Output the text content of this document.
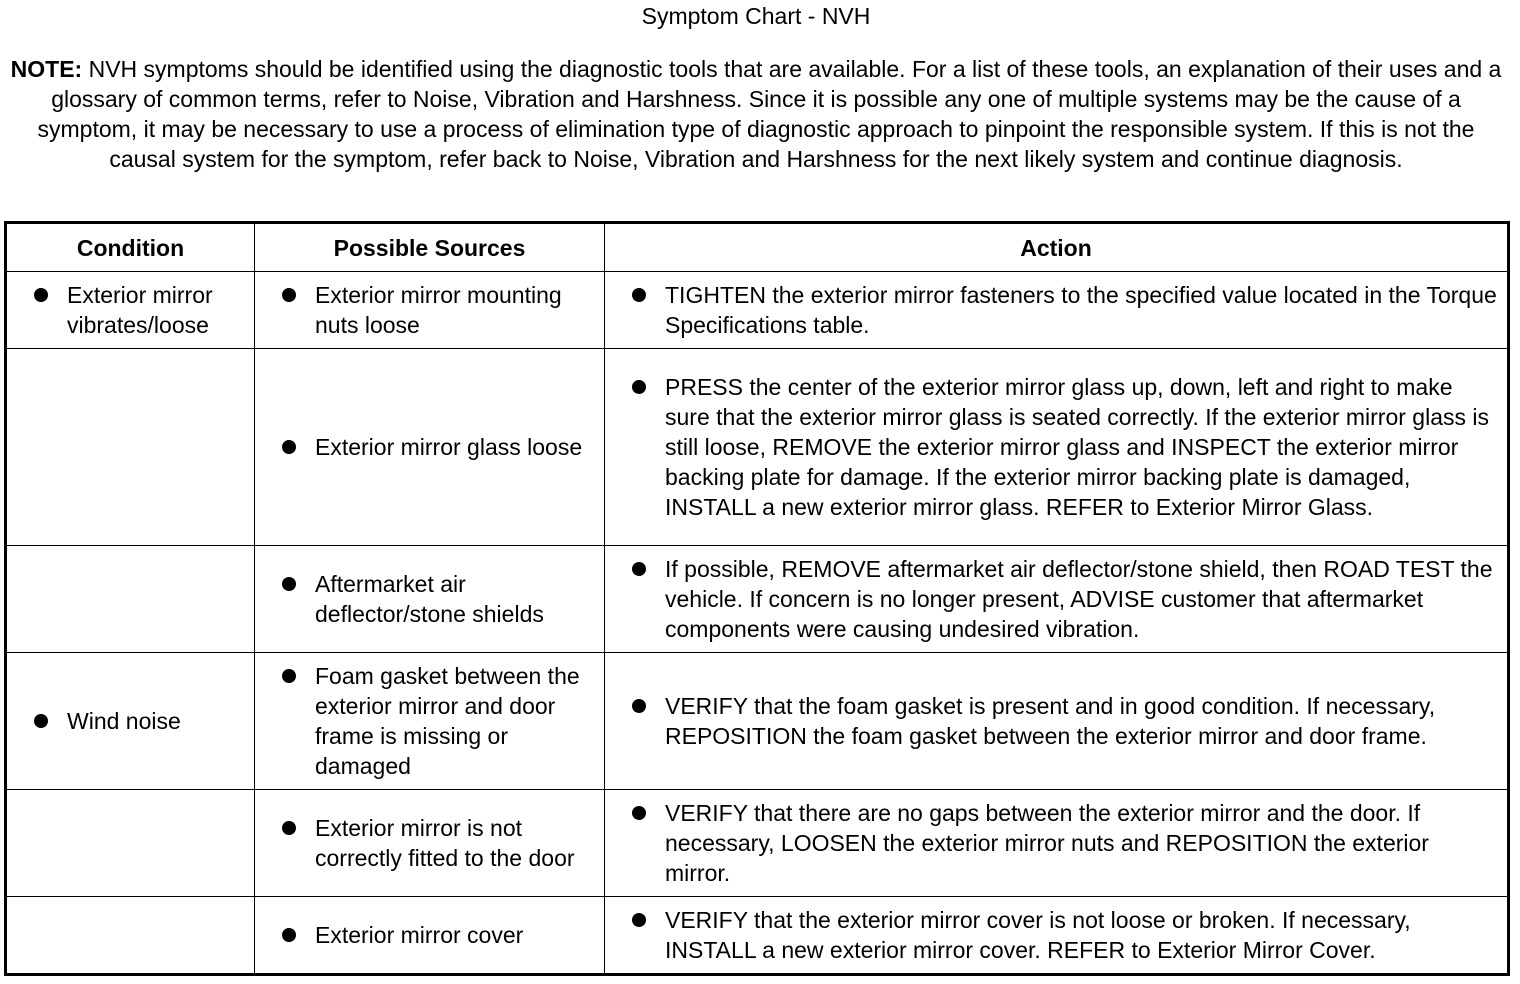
Symptom Chart - NVH
NOTE: NVH symptoms should be identified using the diagnostic tools that are available. For a list of these tools, an explanation of their uses and a glossary of common terms, refer to Noise, Vibration and Harshness. Since it is possible any one of multiple systems may be the cause of a symptom, it may be necessary to use a process of elimination type of diagnostic approach to pinpoint the responsible system. If this is not the causal system for the symptom, refer back to Noise, Vibration and Harshness for the next likely system and continue diagnosis.
Condition	Possible Sources	Action

Exterior mirror vibrates/loose	Exterior mirror mounting nuts loose	TIGHTEN the exterior mirror fasteners to the specified value located in the Torque Specifications table.

	Exterior mirror glass loose	PRESS the center of the exterior mirror glass up, down, left and right to make sure that the exterior mirror glass is seated correctly. If the exterior mirror glass is still loose, REMOVE the exterior mirror glass and INSPECT the exterior mirror backing plate for damage. If the exterior mirror backing plate is damaged, INSTALL a new exterior mirror glass. REFER to Exterior Mirror Glass.

	Aftermarket air deflector/stone shields	If possible, REMOVE aftermarket air deflector/stone shield, then ROAD TEST the vehicle. If concern is no longer present, ADVISE customer that aftermarket components were causing undesired vibration.

Wind noise	Foam gasket between the exterior mirror and door frame is missing or damaged	VERIFY that the foam gasket is present and in good condition. If necessary, REPOSITION the foam gasket between the exterior mirror and door frame.

	Exterior mirror is not correctly fitted to the door	VERIFY that there are no gaps between the exterior mirror and the door. If necessary, LOOSEN the exterior mirror nuts and REPOSITION the exterior mirror.

	Exterior mirror cover	VERIFY that the exterior mirror cover is not loose or broken. If necessary, INSTALL a new exterior mirror cover. REFER to Exterior Mirror Cover.
